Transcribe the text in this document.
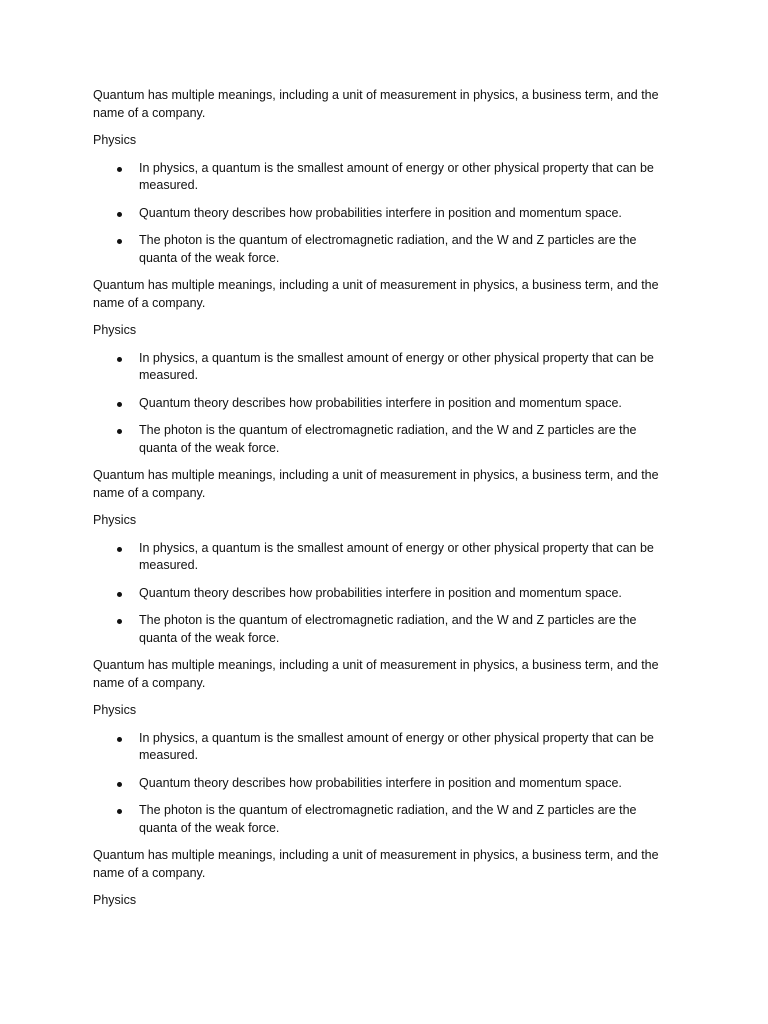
Quantum has multiple meanings, including a unit of measurement in physics, a business term, and the name of a company.

Physics

In physics, a quantum is the smallest amount of energy or other physical property that can be measured.
Quantum theory describes how probabilities interfere in position and momentum space.
The photon is the quantum of electromagnetic radiation, and the W and Z particles are the quanta of the weak force.

Quantum has multiple meanings, including a unit of measurement in physics, a business term, and the name of a company.

Physics

In physics, a quantum is the smallest amount of energy or other physical property that can be measured.
Quantum theory describes how probabilities interfere in position and momentum space.
The photon is the quantum of electromagnetic radiation, and the W and Z particles are the quanta of the weak force.

Quantum has multiple meanings, including a unit of measurement in physics, a business term, and the name of a company.

Physics

In physics, a quantum is the smallest amount of energy or other physical property that can be measured.
Quantum theory describes how probabilities interfere in position and momentum space.
The photon is the quantum of electromagnetic radiation, and the W and Z particles are the quanta of the weak force.

Quantum has multiple meanings, including a unit of measurement in physics, a business term, and the name of a company.

Physics

In physics, a quantum is the smallest amount of energy or other physical property that can be measured.
Quantum theory describes how probabilities interfere in position and momentum space.
The photon is the quantum of electromagnetic radiation, and the W and Z particles are the quanta of the weak force.

Quantum has multiple meanings, including a unit of measurement in physics, a business term, and the name of a company.

Physics
